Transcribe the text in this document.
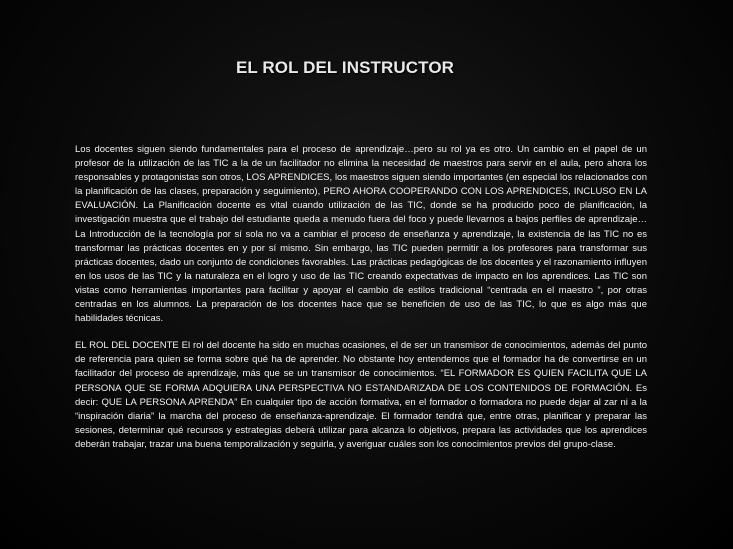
EL ROL DEL INSTRUCTOR

Los docentes siguen siendo fundamentales para el proceso de aprendizaje…pero su rol ya es otro. Un cambio en el papel de un profesor de la utilización de las TIC a la de un facilitador no elimina la necesidad de maestros para servir en el aula, pero ahora los responsables y protagonistas son otros, LOS APRENDICES, los maestros siguen siendo importantes (en especial los relacionados con la planificación de las clases, preparación y seguimiento), PERO AHORA COOPERANDO CON LOS APRENDICES, INCLUSO EN LA EVALUACIÓN. La Planificación docente es vital cuando utilización de las TIC, donde se ha producido poco de planificación, la investigación muestra que el trabajo del estudiante queda a menudo fuera del foco y puede llevarnos a bajos perfiles de aprendizaje… La Introducción de la tecnología por sí sola no va a cambiar el proceso de enseñanza y aprendizaje, la existencia de las TIC no es transformar las prácticas docentes en y por sí mismo. Sin embargo, las TIC pueden permitir a los profesores para transformar sus prácticas docentes, dado un conjunto de condiciones favorables. Las prácticas pedagógicas de los docentes y el razonamiento influyen en los usos de las TIC y la naturaleza en el logro y uso de las TIC creando expectativas de impacto en los aprendices. Las TIC son vistas como herramientas importantes para facilitar y apoyar el cambio de estilos tradicional “centrada en el maestro ”, por otras centradas en los alumnos. La preparación de los docentes hace que se beneficien de uso de las TIC, lo que es algo más que habilidades técnicas.

EL ROL DEL DOCENTE El rol del docente ha sido en muchas ocasiones, el de ser un transmisor de conocimientos, además del punto de referencia para quien se forma sobre qué ha de aprender. No obstante hoy entendemos que el formador ha de convertirse en un facilitador del proceso de aprendizaje, más que se un transmisor de conocimientos. “EL FORMADOR ES QUIEN FACILITA QUE LA PERSONA QUE SE FORMA ADQUIERA UNA PERSPECTIVA NO ESTANDARIZADA DE LOS CONTENIDOS DE FORMACIÓN. Es decir: QUE LA PERSONA APRENDA” En cualquier tipo de acción formativa, en el formador o formadora no puede dejar al zar ni a la “inspiración diaria” la marcha del proceso de enseñanza-aprendizaje. El formador tendrá que, entre otras, planificar y preparar las sesiones, determinar qué recursos y estrategias deberá utilizar para alcanza lo objetivos, prepara las actividades que los aprendices deberán trabajar, trazar una buena temporalización y seguirla, y averiguar cuáles son los conocimientos previos del grupo-clase.
